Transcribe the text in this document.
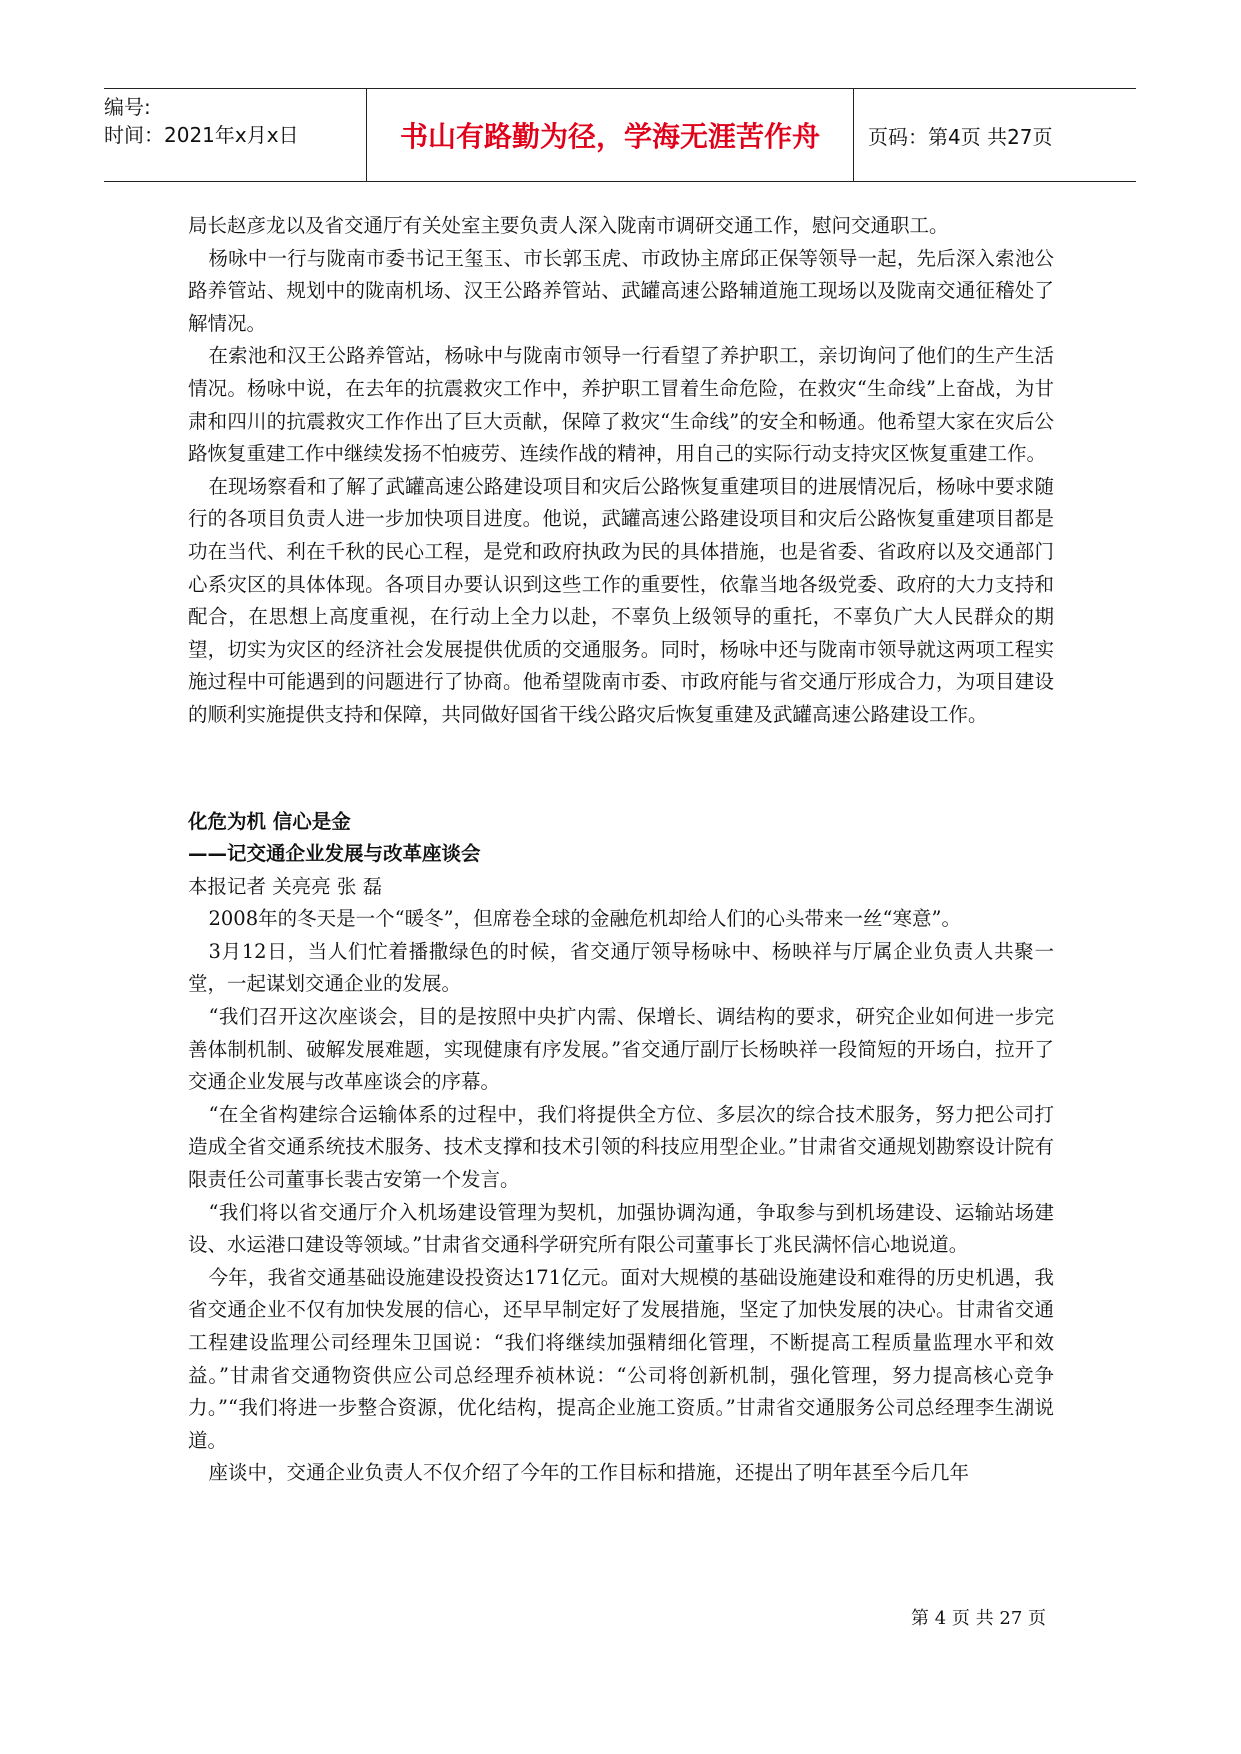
编号:
时间：2021年x月x日	书山有路勤为径，学海无涯苦作舟	页码：第4页 共27页

局长赵彦龙以及省交通厅有关处室主要负责人深入陇南市调研交通工作，慰问交通职工。

杨咏中一行与陇南市委书记王玺玉、市长郭玉虎、市政协主席邱正保等领导一起，先后深入索池公路养管站、规划中的陇南机场、汉王公路养管站、武罐高速公路辅道施工现场以及陇南交通征稽处了解情况。

在索池和汉王公路养管站，杨咏中与陇南市领导一行看望了养护职工，亲切询问了他们的生产生活情况。杨咏中说，在去年的抗震救灾工作中，养护职工冒着生命危险，在救灾“生命线”上奋战，为甘肃和四川的抗震救灾工作作出了巨大贡献，保障了救灾“生命线”的安全和畅通。他希望大家在灾后公路恢复重建工作中继续发扬不怕疲劳、连续作战的精神，用自己的实际行动支持灾区恢复重建工作。

在现场察看和了解了武罐高速公路建设项目和灾后公路恢复重建项目的进展情况后，杨咏中要求随行的各项目负责人进一步加快项目进度。他说，武罐高速公路建设项目和灾后公路恢复重建项目都是功在当代、利在千秋的民心工程，是党和政府执政为民的具体措施，也是省委、省政府以及交通部门心系灾区的具体体现。各项目办要认识到这些工作的重要性，依靠当地各级党委、政府的大力支持和配合，在思想上高度重视，在行动上全力以赴，不辜负上级领导的重托，不辜负广大人民群众的期望，切实为灾区的经济社会发展提供优质的交通服务。同时，杨咏中还与陇南市领导就这两项工程实施过程中可能遇到的问题进行了协商。他希望陇南市委、市政府能与省交通厅形成合力，为项目建设的顺利实施提供支持和保障，共同做好国省干线公路灾后恢复重建及武罐高速公路建设工作。

化危为机 信心是金

——记交通企业发展与改革座谈会

本报记者 关亮亮 张 磊

2008年的冬天是一个“暖冬”，但席卷全球的金融危机却给人们的心头带来一丝“寒意”。

3月12日，当人们忙着播撒绿色的时候，省交通厅领导杨咏中、杨映祥与厅属企业负责人共聚一堂，一起谋划交通企业的发展。

“我们召开这次座谈会，目的是按照中央扩内需、保增长、调结构的要求，研究企业如何进一步完善体制机制、破解发展难题，实现健康有序发展。”省交通厅副厅长杨映祥一段简短的开场白，拉开了交通企业发展与改革座谈会的序幕。

“在全省构建综合运输体系的过程中，我们将提供全方位、多层次的综合技术服务，努力把公司打造成全省交通系统技术服务、技术支撑和技术引领的科技应用型企业。”甘肃省交通规划勘察设计院有限责任公司董事长裴古安第一个发言。

“我们将以省交通厅介入机场建设管理为契机，加强协调沟通，争取参与到机场建设、运输站场建设、水运港口建设等领域。”甘肃省交通科学研究所有限公司董事长丁兆民满怀信心地说道。

今年，我省交通基础设施建设投资达171亿元。面对大规模的基础设施建设和难得的历史机遇，我省交通企业不仅有加快发展的信心，还早早制定好了发展措施，坚定了加快发展的决心。甘肃省交通工程建设监理公司经理朱卫国说：“我们将继续加强精细化管理，不断提高工程质量监理水平和效益。”甘肃省交通物资供应公司总经理乔祯林说：“公司将创新机制，强化管理，努力提高核心竞争力。”“我们将进一步整合资源，优化结构，提高企业施工资质。”甘肃省交通服务公司总经理李生湖说道。

座谈中，交通企业负责人不仅介绍了今年的工作目标和措施，还提出了明年甚至今后几年

第 4 页 共 27 页
